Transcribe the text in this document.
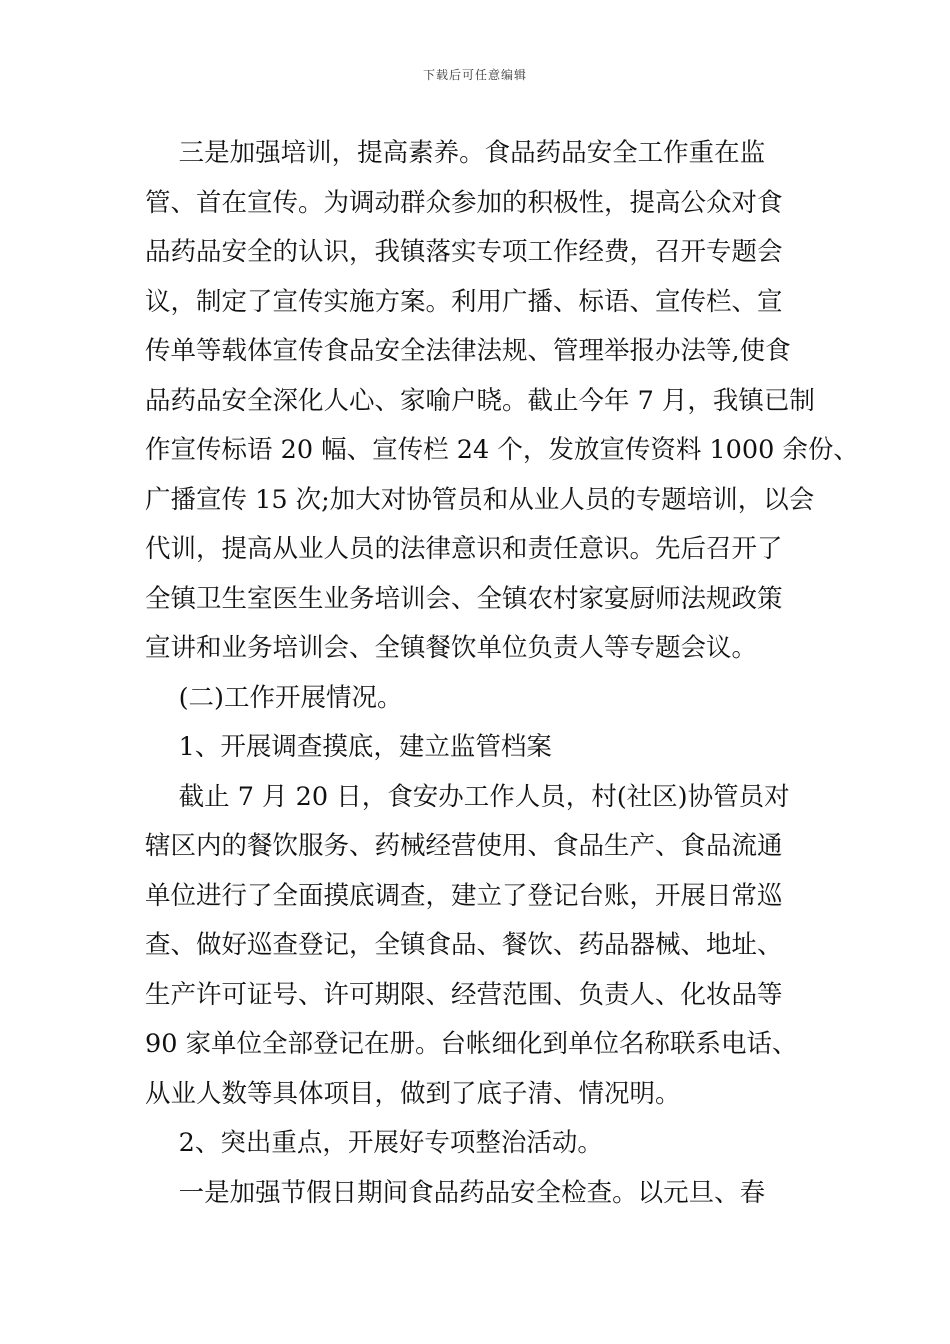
下载后可任意编辑
　 三是加强培训，提高素养。食品药品安全工作重在监
管、首在宣传。为调动群众参加的积极性，提高公众对食
品药品安全的认识，我镇落实专项工作经费，召开专题会
议，制定了宣传实施方案。利用广播、标语、宣传栏、宣
传单等载体宣传食品安全法律法规、管理举报办法等,使食
品药品安全深化人心、家喻户晓。截止今年 7 月，我镇已制
作宣传标语 20 幅、宣传栏 24 个，发放宣传资料 1000 余份、
广播宣传 15 次;加大对协管员和从业人员的专题培训，以会
代训，提高从业人员的法律意识和责任意识。先后召开了
全镇卫生室医生业务培训会、全镇农村家宴厨师法规政策
宣讲和业务培训会、全镇餐饮单位负责人等专题会议。
　 (二)工作开展情况。
　 1、开展调查摸底，建立监管档案
　 截止 7 月 20 日，食安办工作人员，村(社区)协管员对
辖区内的餐饮服务、药械经营使用、食品生产、食品流通
单位进行了全面摸底调查，建立了登记台账，开展日常巡
查、做好巡查登记，全镇食品、餐饮、药品器械、地址、
生产许可证号、许可期限、经营范围、负责人、化妆品等
90 家单位全部登记在册。台帐细化到单位名称联系电话、
从业人数等具体项目，做到了底子清、情况明。
　 2、突出重点，开展好专项整治活动。
　 一是加强节假日期间食品药品安全检查。以元旦、春
